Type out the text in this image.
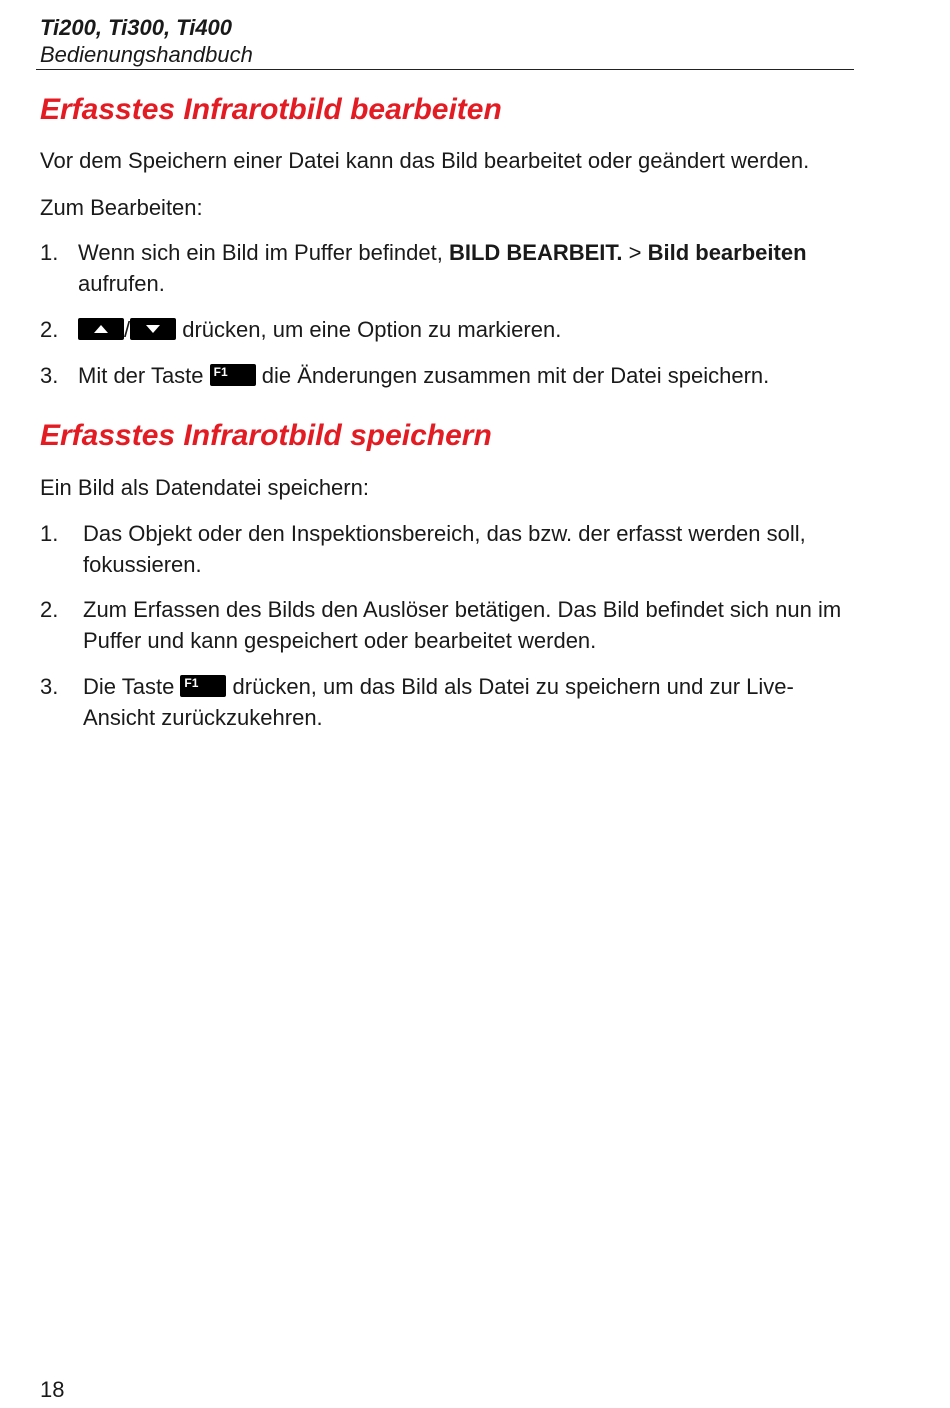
Ti200, Ti300, Ti400
Bedienungshandbuch
Erfasstes Infrarotbild bearbeiten

Vor dem Speichern einer Datei kann das Bild bearbeitet oder geändert werden.

Zum Bearbeiten:

1. Wenn sich ein Bild im Puffer befindet, BILD BEARBEIT. > Bild bearbeiten aufrufen.
2.	/
drücken, um eine Option zu markieren.
3. Mit der Taste F1 die Änderungen zusammen mit der Datei speichern.
Erfasstes Infrarotbild speichern

Ein Bild als Datendatei speichern:

1. Das Objekt oder den Inspektionsbereich, das bzw. der erfasst werden soll, fokussieren.
2. Zum Erfassen des Bilds den Auslöser betätigen. Das Bild befindet sich nun im Puffer und kann gespeichert oder bearbeitet werden.
3. Die Taste F1 drücken, um das Bild als Datei zu speichern und zur Live-Ansicht zurückzukehren.
18
